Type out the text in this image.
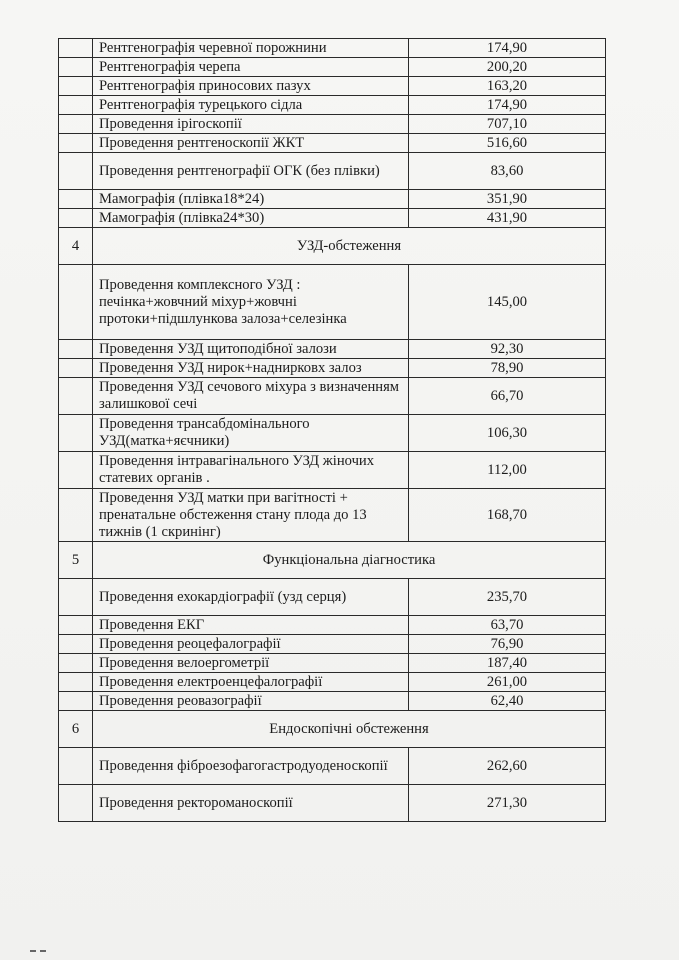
	Рентгенографія черевної порожнини	174,90
	Рентгенографія черепа	200,20
	Рентгенографія приносових пазух	163,20
	Рентгенографія турецького сідла	174,90
	Проведення ірігоскопії	707,10
	Проведення рентгеноскопії ЖКТ	516,60
	Проведення рентгенографії ОГК (без плівки)	83,60
	Мамографія (плівка18*24)	351,90
	Мамографія (плівка24*30)	431,90
4	УЗД-обстеження	
	Проведення комплексного УЗД : печінка+жовчний міхур+жовчні протоки+підшлункова залоза+селезінка	145,00
	Проведення УЗД щитоподібної залози	92,30
	Проведення УЗД нирок+наднирковх залоз	78,90
	Проведення УЗД сечового міхура з визначенням залишкової сечі	66,70
	Проведення трансабдомінального УЗД(матка+яєчники)	106,30
	Проведення інтравагінального УЗД жіночих статевих органів .	112,00
	Проведення УЗД матки при вагітності + пренатальне обстеження стану плода до 13 тижнів (1 скринінг)	168,70
5	Функціональна діагностика	
	Проведення ехокардіографії (узд серця)	235,70
	Проведення ЕКГ	63,70
	Проведення реоцефалографії	76,90
	Проведення велоергометрії	187,40
	Проведення електроенцефалографії	261,00
	Проведення реовазографії	62,40
6	Ендоскопічні обстеження	
	Проведення фіброезофагогастродуоденоскопії	262,60
	Проведення ректороманоскопії	271,30
